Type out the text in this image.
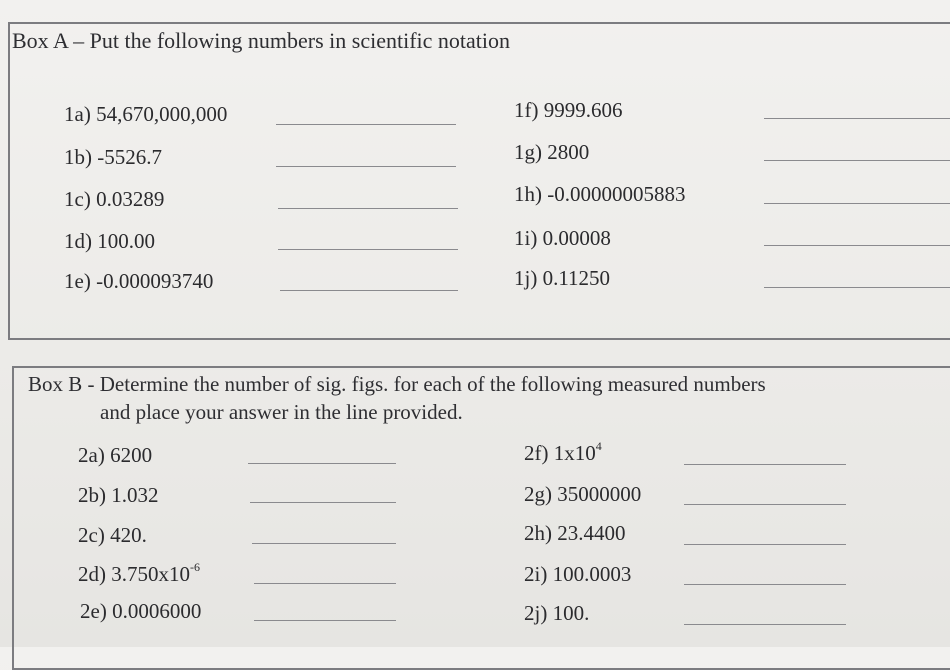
Box A – Put the following numbers in scientific notation
1a) 54,670,000,000
1b) -5526.7
1c) 0.03289
1d) 100.00
1e) -0.000093740
1f) 9999.606
1g) 2800
1h) -0.00000005883
1i) 0.00008
1j) 0.11250
Box B - Determine the number of sig. figs. for each of the following measured numbers
and place your answer in the line provided.
2a) 6200
2b) 1.032
2c) 420.
2d) $3.750x10^{-6}$
2e) 0.0006000
2f) $1x10^4$
2g) 35000000
2h) 23.4400
2i) 100.0003
2j) 100.
